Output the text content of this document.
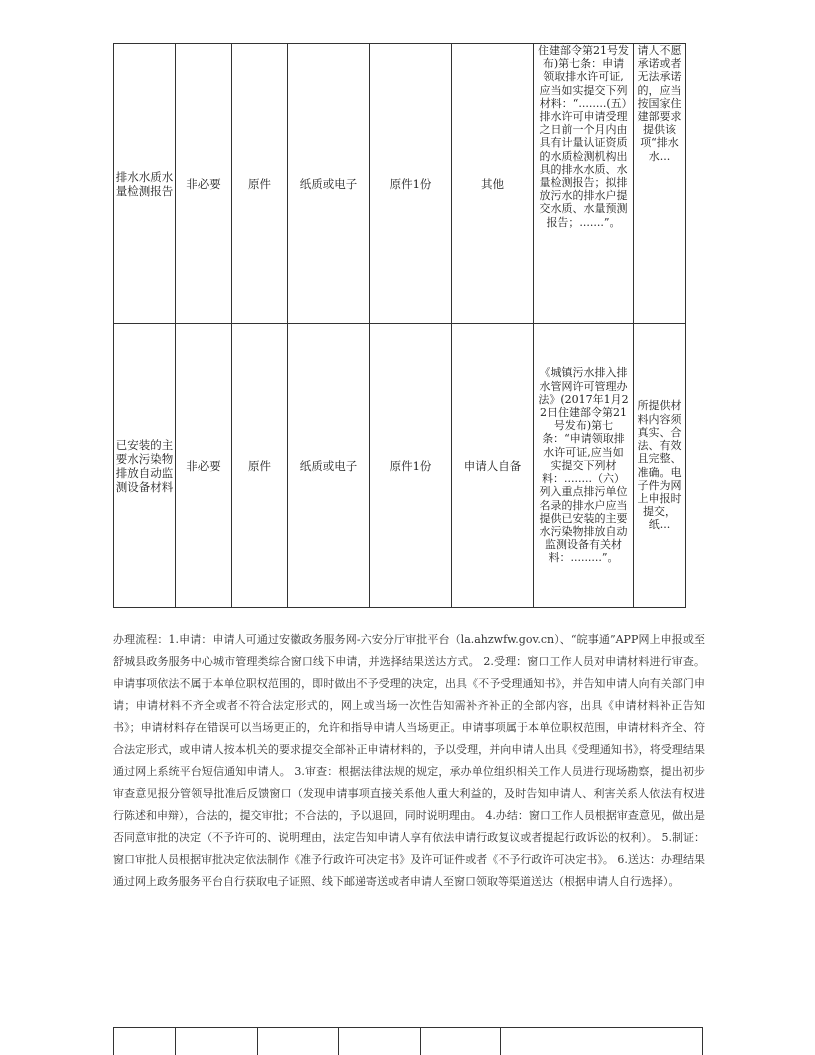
排水水质水量检测报告	非必要	原件	纸质或电子	原件1份	其他	住建部令第21号发布)第七条：申请领取排水许可证,应当如实提交下列材料：“........(五）排水许可申请受理之日前一个月内由具有计量认证资质的水质检测机构出具的排水水质、水量检测报告；拟排放污水的排水户提交水质、水量预测报告；.......”。	请人不愿承诺或者无法承诺的，应当按国家住建部要求提供该项“排水水...

已安装的主要水污染物排放自动监测设备材料	非必要	原件	纸质或电子	原件1份	申请人自备	《城镇污水排入排水管网许可管理办法》(2017年1月22日住建部令第21号发布)第七条：“申请领取排水许可证,应当如实提交下列材料：........（六）列入重点排污单位名录的排水户应当提供已安装的主要水污染物排放自动监测设备有关材料：.........”。	所提供材料内容须真实、合法、有效且完整、准确。电子件为网上申报时提交，纸...

办理流程：1.申请：申请人可通过安徽政务服务网-六安分厅审批平台（la.ahzwfw.gov.cn）、“皖事通”APP网上申报或至舒城县政务服务中心城市管理类综合窗口线下申请，并选择结果送达方式。 2.受理：窗口工作人员对申请材料进行审查。申请事项依法不属于本单位职权范围的，即时做出不予受理的决定，出具《不予受理通知书》，并告知申请人向有关部门申请；申请材料不齐全或者不符合法定形式的，网上或当场一次性告知需补齐补正的全部内容，出具《申请材料补正告知书》；申请材料存在错误可以当场更正的，允许和指导申请人当场更正。申请事项属于本单位职权范围，申请材料齐全、符合法定形式，或申请人按本机关的要求提交全部补正申请材料的，予以受理，并向申请人出具《受理通知书》，将受理结果通过网上系统平台短信通知申请人。 3.审查：根据法律法规的规定，承办单位组织相关工作人员进行现场勘察，提出初步审查意见报分管领导批准后反馈窗口（发现申请事项直接关系他人重大利益的，及时告知申请人、利害关系人依法有权进行陈述和申辩），合法的，提交审批；不合法的，予以退回，同时说明理由。 4.办结：窗口工作人员根据审查意见，做出是否同意审批的决定（不予许可的、说明理由，法定告知申请人享有依法申请行政复议或者提起行政诉讼的权利）。 5.制证：窗口审批人员根据审批决定依法制作《准予行政许可决定书》及许可证件或者《不予行政许可决定书》。 6.送达：办理结果通过网上政务服务平台自行获取电子证照、线下邮递寄送或者申请人至窗口领取等渠道送达（根据申请人自行选择）。
